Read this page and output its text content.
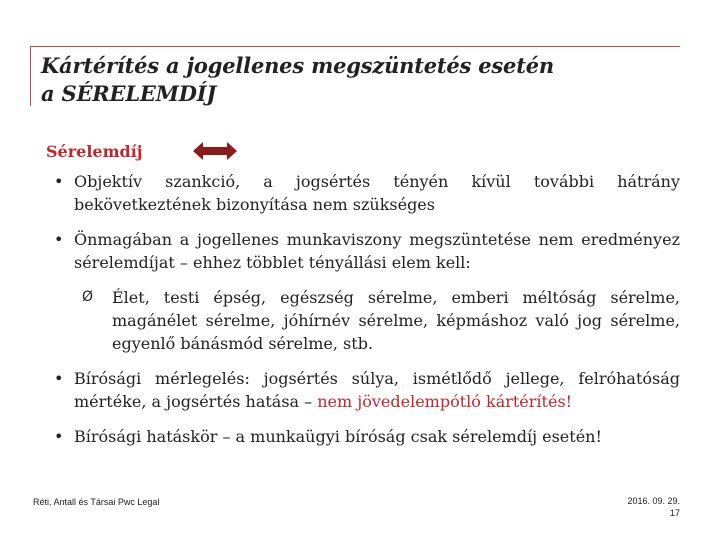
Kártérítés a jogellenes megszüntetés esetén
a SÉRELEMDÍJ
Sérelemdíj
• Objektív szankció, a jogsértés tényén kívül további hátrány bekövetkeztének bizonyítása nem szükséges
• Önmagában a jogellenes munkaviszony megszüntetése nem eredményez sérelemdíjat – ehhez többlet tényállási elem kell:
Ø Élet, testi épség, egészség sérelme, emberi méltóság sérelme, magánélet sérelme, jóhírnév sérelme, képmáshoz való jog sérelme, egyenlő bánásmód sérelme, stb.
• Bírósági mérlegelés: jogsértés súlya, ismétlődő jellege, felróhatóság mértéke, a jogsértés hatása – nem jövedelempótló kártérítés!
• Bírósági hatáskör – a munkaügyi bíróság csak sérelemdíj esetén!
Réti, Antall és Társai Pwc Legal	2016. 09. 29.
17
